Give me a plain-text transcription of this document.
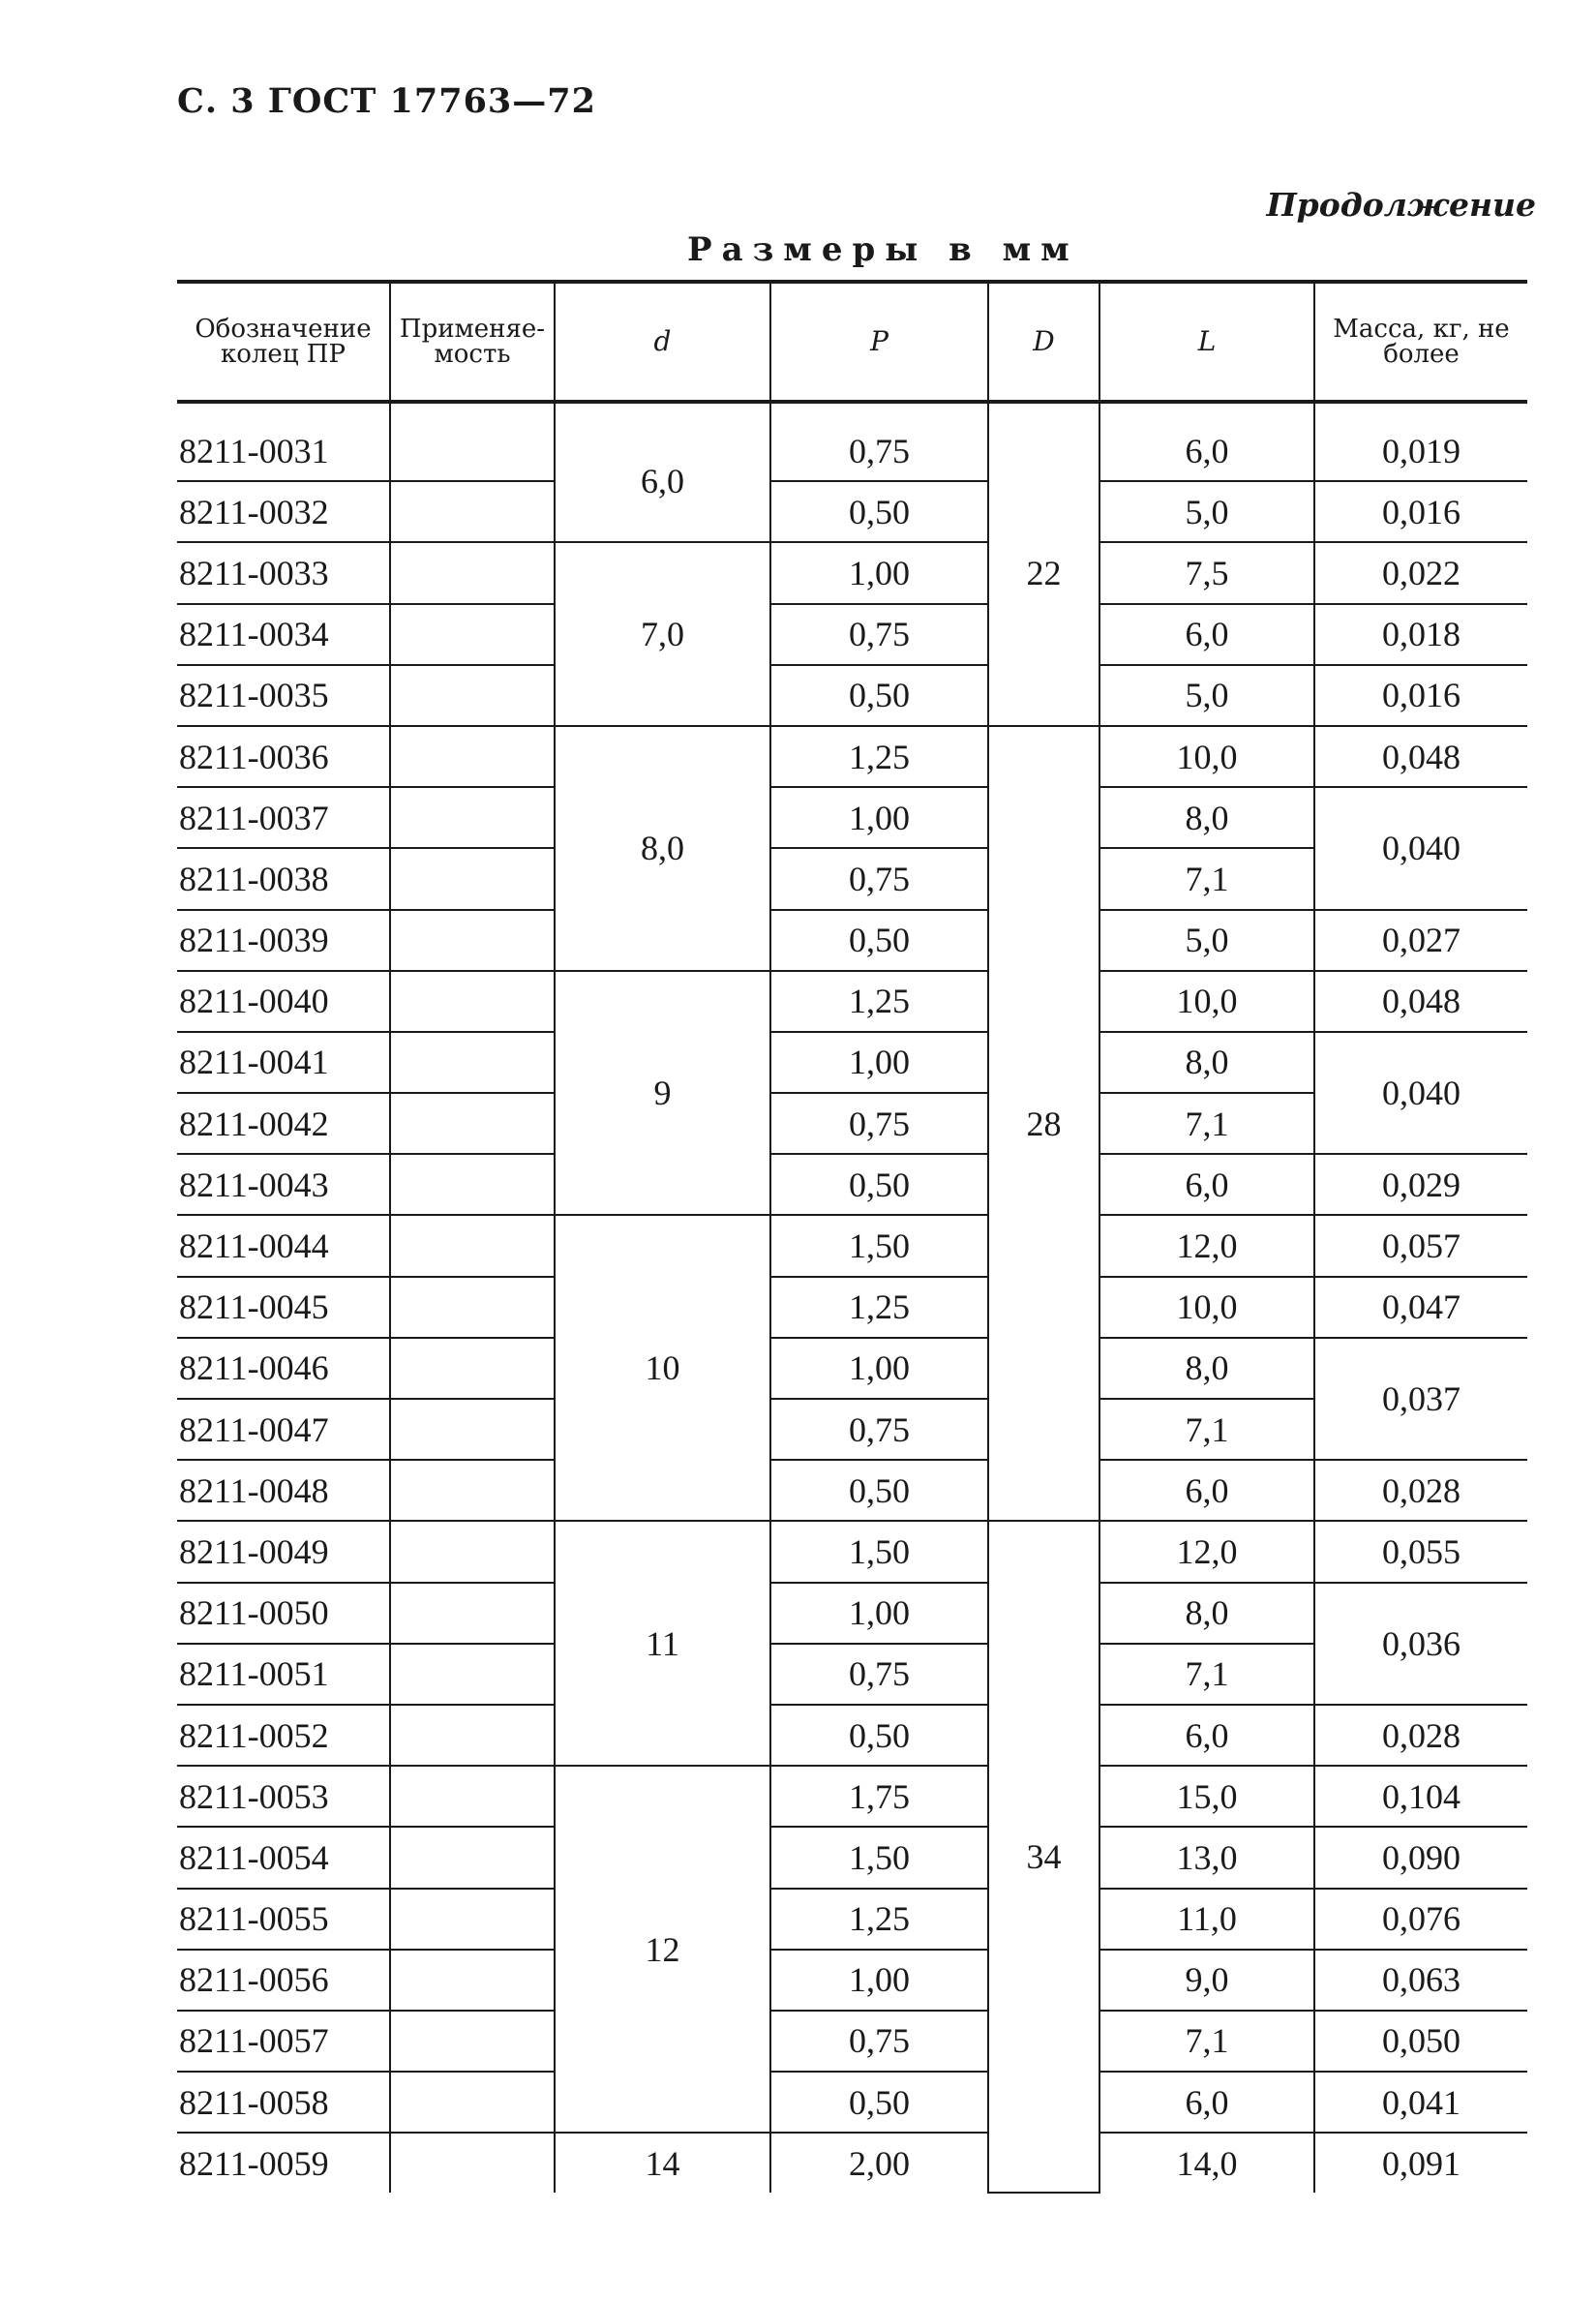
С. 3 ГОСТ 17763—72
Продолжение
Размеры в мм
Обозначение колец ПР	Применяе-мость	d	P	D	L	Масса, кг, не более
8211-0031		6,0	0,75	22	6,0	0,019
8211-0032			0,50		5,0	0,016
8211-0033		7,0	1,00		7,5	0,022
8211-0034			0,75		6,0	0,018
8211-0035			0,50		5,0	0,016
8211-0036		8,0	1,25	28	10,0	0,048
8211-0037			1,00		8,0	0,040
8211-0038			0,75		7,1	
8211-0039			0,50		5,0	0,027
8211-0040		9	1,25		10,0	0,048
8211-0041			1,00		8,0	0,040
8211-0042			0,75		7,1	
8211-0043			0,50		6,0	0,029
8211-0044		10	1,50		12,0	0,057
8211-0045			1,25		10,0	0,047
8211-0046			1,00		8,0	0,037
8211-0047			0,75		7,1	
8211-0048			0,50		6,0	0,028
8211-0049		11	1,50	34	12,0	0,055
8211-0050			1,00		8,0	0,036
8211-0051			0,75		7,1	
8211-0052			0,50		6,0	0,028
8211-0053		12	1,75		15,0	0,104
8211-0054			1,50		13,0	0,090
8211-0055			1,25		11,0	0,076
8211-0056			1,00		9,0	0,063
8211-0057			0,75		7,1	0,050
8211-0058			0,50		6,0	0,041
8211-0059		14	2,00		14,0	0,091
